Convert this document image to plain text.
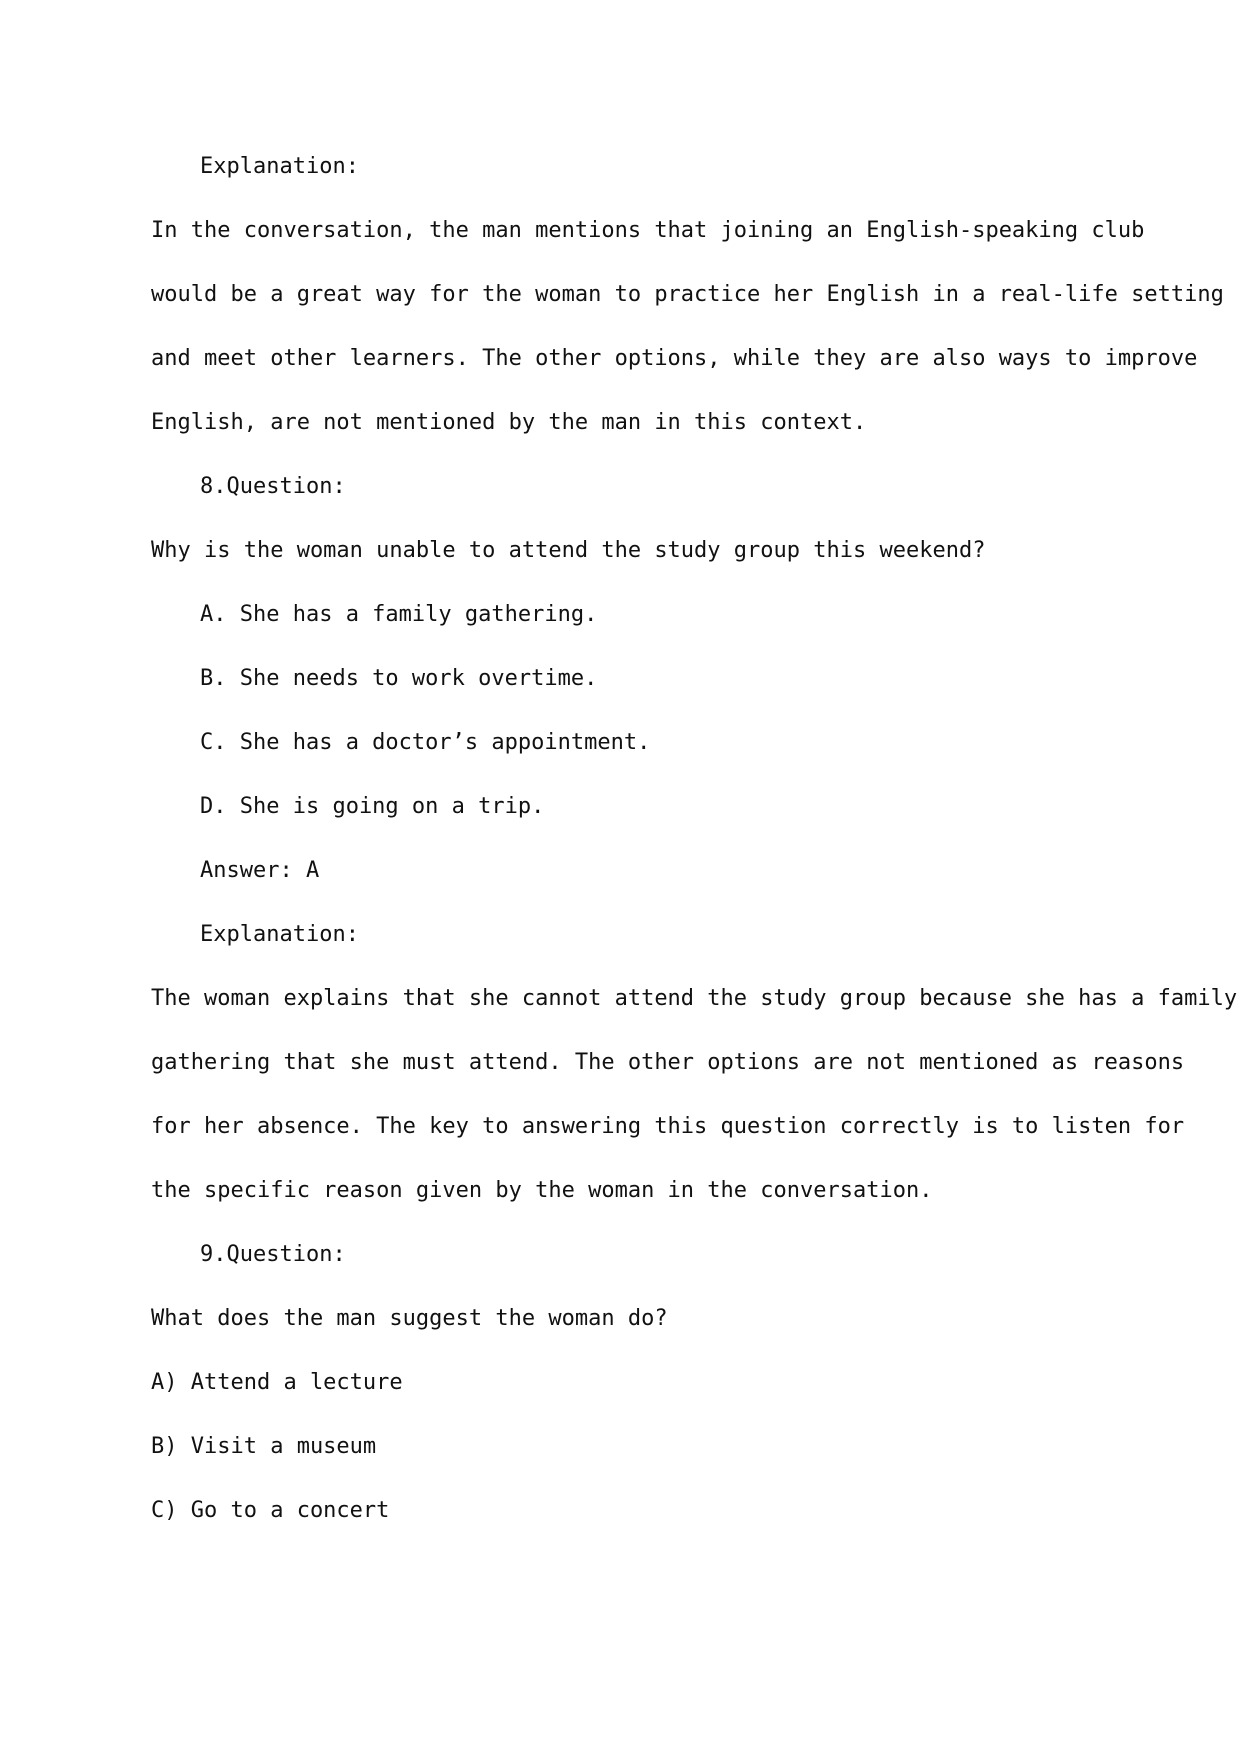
Explanation:
In the conversation, the man mentions that joining an English-speaking club
would be a great way for the woman to practice her English in a real-life setting
and meet other learners. The other options, while they are also ways to improve
English, are not mentioned by the man in this context.
8.Question:
Why is the woman unable to attend the study group this weekend?
A. She has a family gathering.
B. She needs to work overtime.
C. She has a doctor’s appointment.
D. She is going on a trip.
Answer: A
Explanation:
The woman explains that she cannot attend the study group because she has a family
gathering that she must attend. The other options are not mentioned as reasons
for her absence. The key to answering this question correctly is to listen for
the specific reason given by the woman in the conversation.
9.Question:
What does the man suggest the woman do?
A) Attend a lecture
B) Visit a museum
C) Go to a concert
